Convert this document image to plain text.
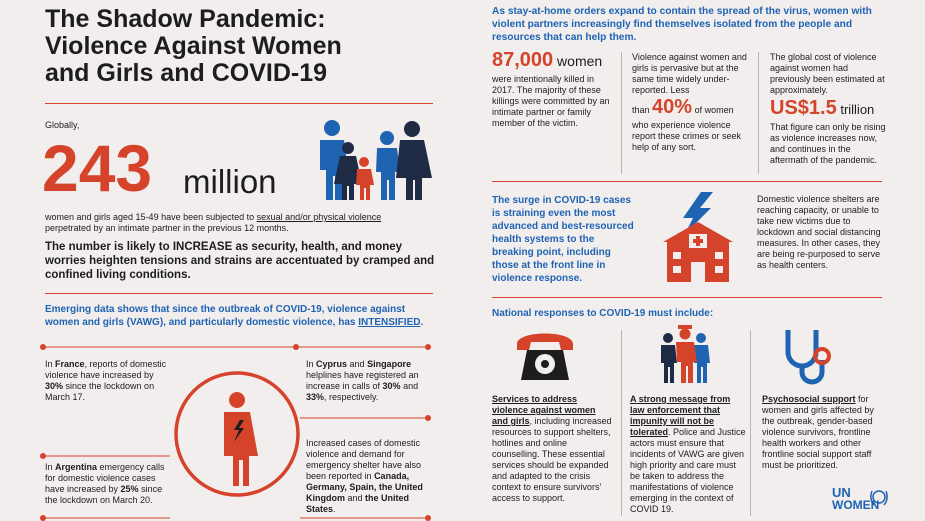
The Shadow Pandemic:
Violence Against Women
and Girls and COVID-19
Globally,
243 million
women and girls aged 15-49 have been subjected to sexual and/or physical violence
perpetrated by an intimate partner in the previous 12 months.
The number is likely to INCREASE as security, health, and money worries heighten tensions and strains are accentuated by cramped and confined living conditions.
Emerging data shows that since the outbreak of COVID-19, violence against women and girls (VAWG), and particularly domestic violence, has INTENSIFIED.
In France, reports of domestic violence have increased by 30% since the lockdown on March 17.
In Argentina emergency calls for domestic violence cases have increased by 25% since the lockdown on March 20.
In Cyprus and Singapore helplines have registered an increase in calls of 30% and 33%, respectively.
Increased cases of domestic violence and demand for emergency shelter have also been reported in Canada, Germany, Spain, the United Kingdom and the United States.
As stay-at-home orders expand to contain the spread of the virus, women with violent partners increasingly find themselves isolated from the people and resources that can help them.
87,000 women
were intentionally killed in 2017. The majority of these killings were committed by an intimate partner or family member of the victim.
Violence against women and girls is pervasive but at the same time widely under-reported. Less
than 40% of women
who experience violence report these crimes or seek help of any sort.
The global cost of violence against women had previously been estimated at approximately.
US$1.5 trillion
That figure can only be rising as violence increases now, and continues in the aftermath of the pandemic.
The surge in COVID-19 cases is straining even the most advanced and best-resourced health systems to the breaking point, including those at the front line in violence response.
Domestic violence shelters are reaching capacity, or unable to take new victims due to lockdown and social distancing measures. In other cases, they are being re-purposed to serve as health centers.
National responses to COVID-19 must include:
Services to address violence against women and girls, including increased resources to support shelters, hotlines and online counselling. These essential services should be expanded and adapted to the crisis context to ensure survivors' access to support.
A strong message from law enforcement that impunity will not be tolerated. Police and Justice actors must ensure that incidents of VAWG are given high priority and care must be taken to address the manifestations of violence emerging in the context of COVID 19.
Psychosocial support for women and girls affected by the outbreak, gender-based violence survivors, frontline health workers and other frontline social support staff must be prioritized.
UN
WOMEN
